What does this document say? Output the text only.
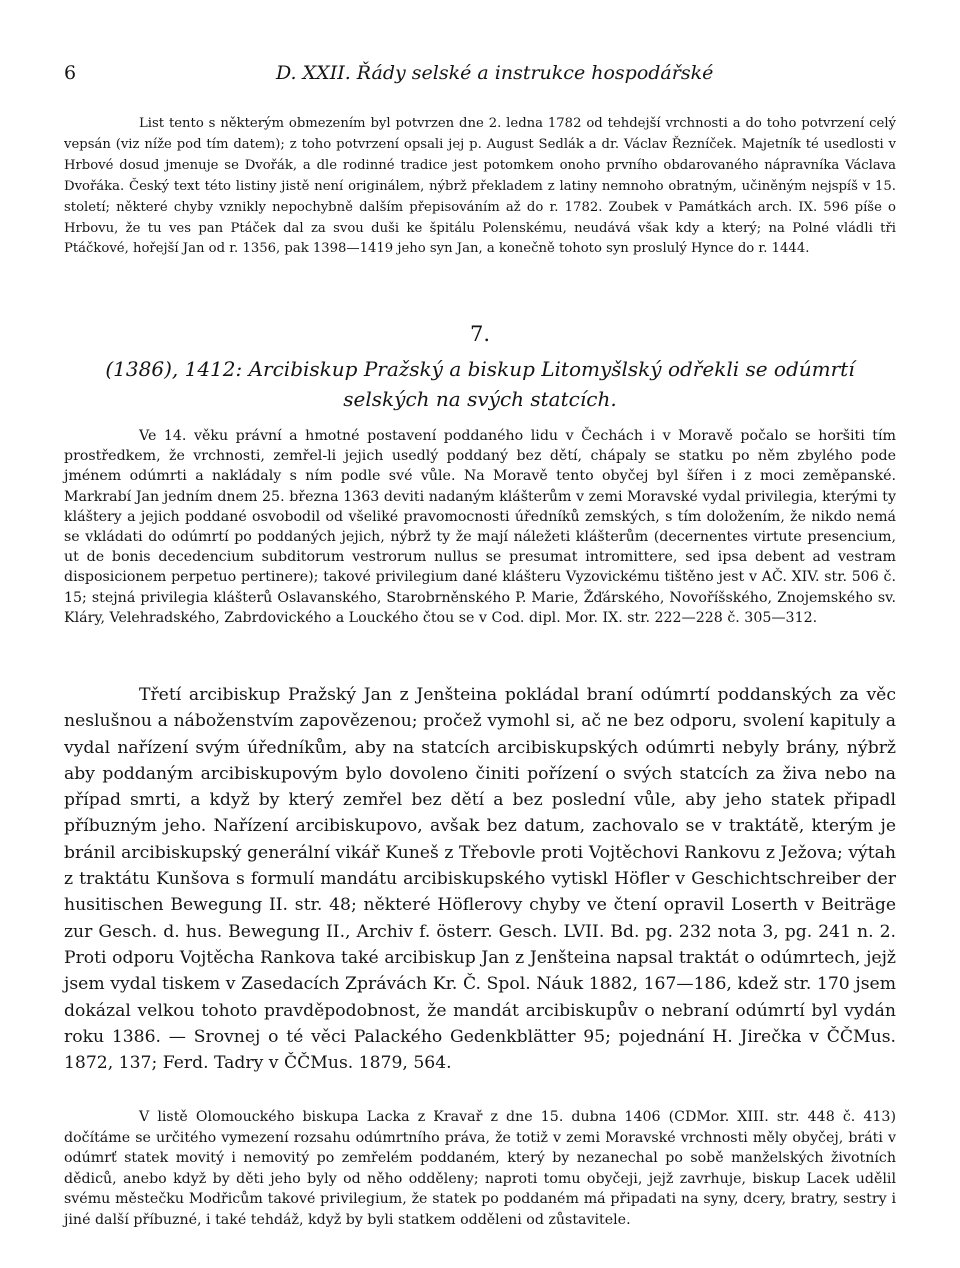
6	D. XXII. Řády selské a instrukce hospodářské

List tento s některým obmezením byl potvrzen dne 2. ledna 1782 od tehdejší vrchnosti a do toho potvrzení celý vepsán (viz níže pod tím datem); z toho potvrzení opsali jej p. August Sedlák a dr. Václav Řezníček. Majetník té usedlosti v Hrbové dosud jmenuje se Dvořák, a dle rodinné tradice jest potomkem onoho prvního obdarovaného nápravníka Václava Dvořáka. Český text této listiny jistě není originálem, nýbrž překladem z latiny nemnoho obratným, učiněným nejspíš v 15. století; některé chyby vznikly nepochybně dalším přepisováním až do r. 1782. Zoubek v Památkách arch. IX. 596 píše o Hrbovu, že tu ves pan Ptáček dal za svou duši ke špitálu Polenskému, neudává však kdy a který; na Polné vládli tři Ptáčkové, hořejší Jan od r. 1356, pak 1398—1419 jeho syn Jan, a konečně tohoto syn proslulý Hynce do r. 1444.

7.
(1386), 1412: Arcibiskup Pražský a biskup Litomyšlský odřekli se odúmrtí selských na svých statcích.

Ve 14. věku právní a hmotné postavení poddaného lidu v Čechách i v Moravě počalo se horšiti tím prostředkem, že vrchnosti, zemřel-li jejich usedlý poddaný bez dětí, chápaly se statku po něm zbylého pode jménem odúmrti a nakládaly s ním podle své vůle. Na Moravě tento obyčej byl šířen i z moci zeměpanské. Markrabí Jan jedním dnem 25. března 1363 deviti nadaným klášterům v zemi Moravské vydal privilegia, kterými ty kláštery a jejich poddané osvobodil od všeliké pravomocnosti úředníků zemských, s tím doložením, že nikdo nemá se vkládati do odúmrtí po poddaných jejich, nýbrž ty že mají náležeti klášterům (decernentes virtute presencium, ut de bonis decedencium subditorum vestrorum nullus se presumat intromittere, sed ipsa debent ad vestram disposicionem perpetuo pertinere); takové privilegium dané klášteru Vyzovickému tištěno jest v AČ. XIV. str. 506 č. 15; stejná privilegia klášterů Oslavanského, Starobrněnského P. Marie, Žďárského, Novoříšského, Znojemského sv. Kláry, Velehradského, Zabrdovického a Louckého čtou se v Cod. dipl. Mor. IX. str. 222—228 č. 305—312.

Třetí arcibiskup Pražský Jan z Jenšteina pokládal braní odúmrtí poddanských za věc neslušnou a náboženstvím zapovězenou; pročež vymohl si, ač ne bez odporu, svolení kapituly a vydal nařízení svým úředníkům, aby na statcích arcibiskupských odúmrti nebyly brány, nýbrž aby poddaným arcibiskupovým bylo dovoleno činiti pořízení o svých statcích za živa nebo na případ smrti, a když by který zemřel bez dětí a bez poslední vůle, aby jeho statek připadl příbuzným jeho. Nařízení arcibiskupovo, avšak bez datum, zachovalo se v traktátě, kterým je bránil arcibiskupský generální vikář Kuneš z Třebovle proti Vojtěchovi Rankovu z Ježova; výtah z traktátu Kunšova s formulí mandátu arcibiskupského vytiskl Höfler v Geschichtschreiber der husitischen Bewegung II. str. 48; některé Höflerovy chyby ve čtení opravil Loserth v Beiträge zur Gesch. d. hus. Bewegung II., Archiv f. österr. Gesch. LVII. Bd. pg. 232 nota 3, pg. 241 n. 2. Proti odporu Vojtěcha Rankova také arcibiskup Jan z Jenšteina napsal traktát o odúmrtech, jejž jsem vydal tiskem v Zasedacích Zprávách Kr. Č. Spol. Náuk 1882, 167—186, kdež str. 170 jsem dokázal velkou tohoto pravděpodobnost, že mandát arcibiskupův o nebraní odúmrtí byl vydán roku 1386. — Srovnej o té věci Palackého Gedenkblätter 95; pojednání H. Jirečka v ČČMus. 1872, 137; Ferd. Tadry v ČČMus. 1879, 564.

V listě Olomouckého biskupa Lacka z Kravař z dne 15. dubna 1406 (CDMor. XIII. str. 448 č. 413) dočítáme se určitého vymezení rozsahu odúmrtního práva, že totiž v zemi Moravské vrchnosti měly obyčej, bráti v odúmrť statek movitý i nemovitý po zemřelém poddaném, který by nezanechal po sobě manželských životních dědiců, anebo když by děti jeho byly od něho odděleny; naproti tomu obyčeji, jejž zavrhuje, biskup Lacek udělil svému městečku Modřicům takové privilegium, že statek po poddaném má připadati na syny, dcery, bratry, sestry i jiné další příbuzné, i také tehdáž, když by byli statkem odděleni od zůstavitele.
